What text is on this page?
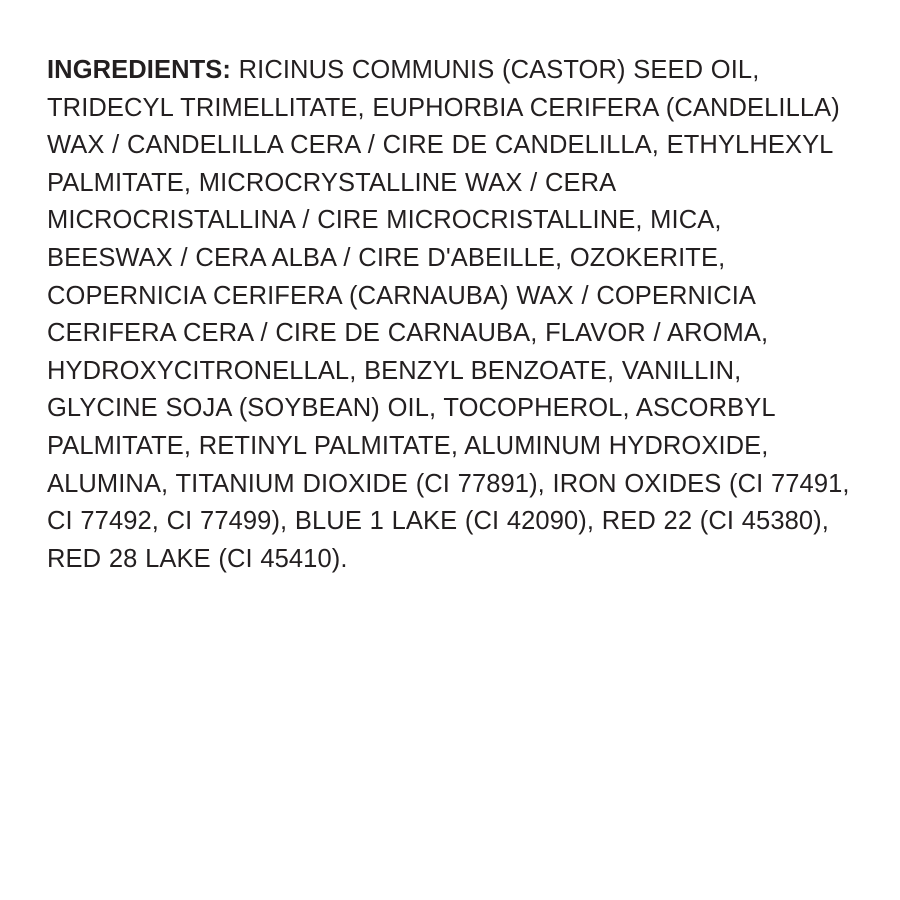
INGREDIENTS: RICINUS COMMUNIS (CASTOR) SEED OIL, TRIDECYL TRIMELLITATE, EUPHORBIA CERIFERA (CANDELILLA) WAX / CANDELILLA CERA / CIRE DE CANDELILLA, ETHYLHEXYL PALMITATE, MICROCRYSTALLINE WAX / CERA MICROCRISTALLINA / CIRE MICROCRISTALLINE, MICA, BEESWAX / CERA ALBA / CIRE D'ABEILLE, OZOKERITE, COPERNICIA CERIFERA (CARNAUBA) WAX / COPERNICIA CERIFERA CERA / CIRE DE CARNAUBA, FLAVOR / AROMA, HYDROXYCITRONELLAL, BENZYL BENZOATE, VANILLIN, GLYCINE SOJA (SOYBEAN) OIL, TOCOPHEROL, ASCORBYL PALMITATE, RETINYL PALMITATE, ALUMINUM HYDROXIDE, ALUMINA, TITANIUM DIOXIDE (CI 77891), IRON OXIDES (CI 77491, CI 77492, CI 77499), BLUE 1 LAKE (CI 42090), RED 22 (CI 45380), RED 28 LAKE (CI 45410).
